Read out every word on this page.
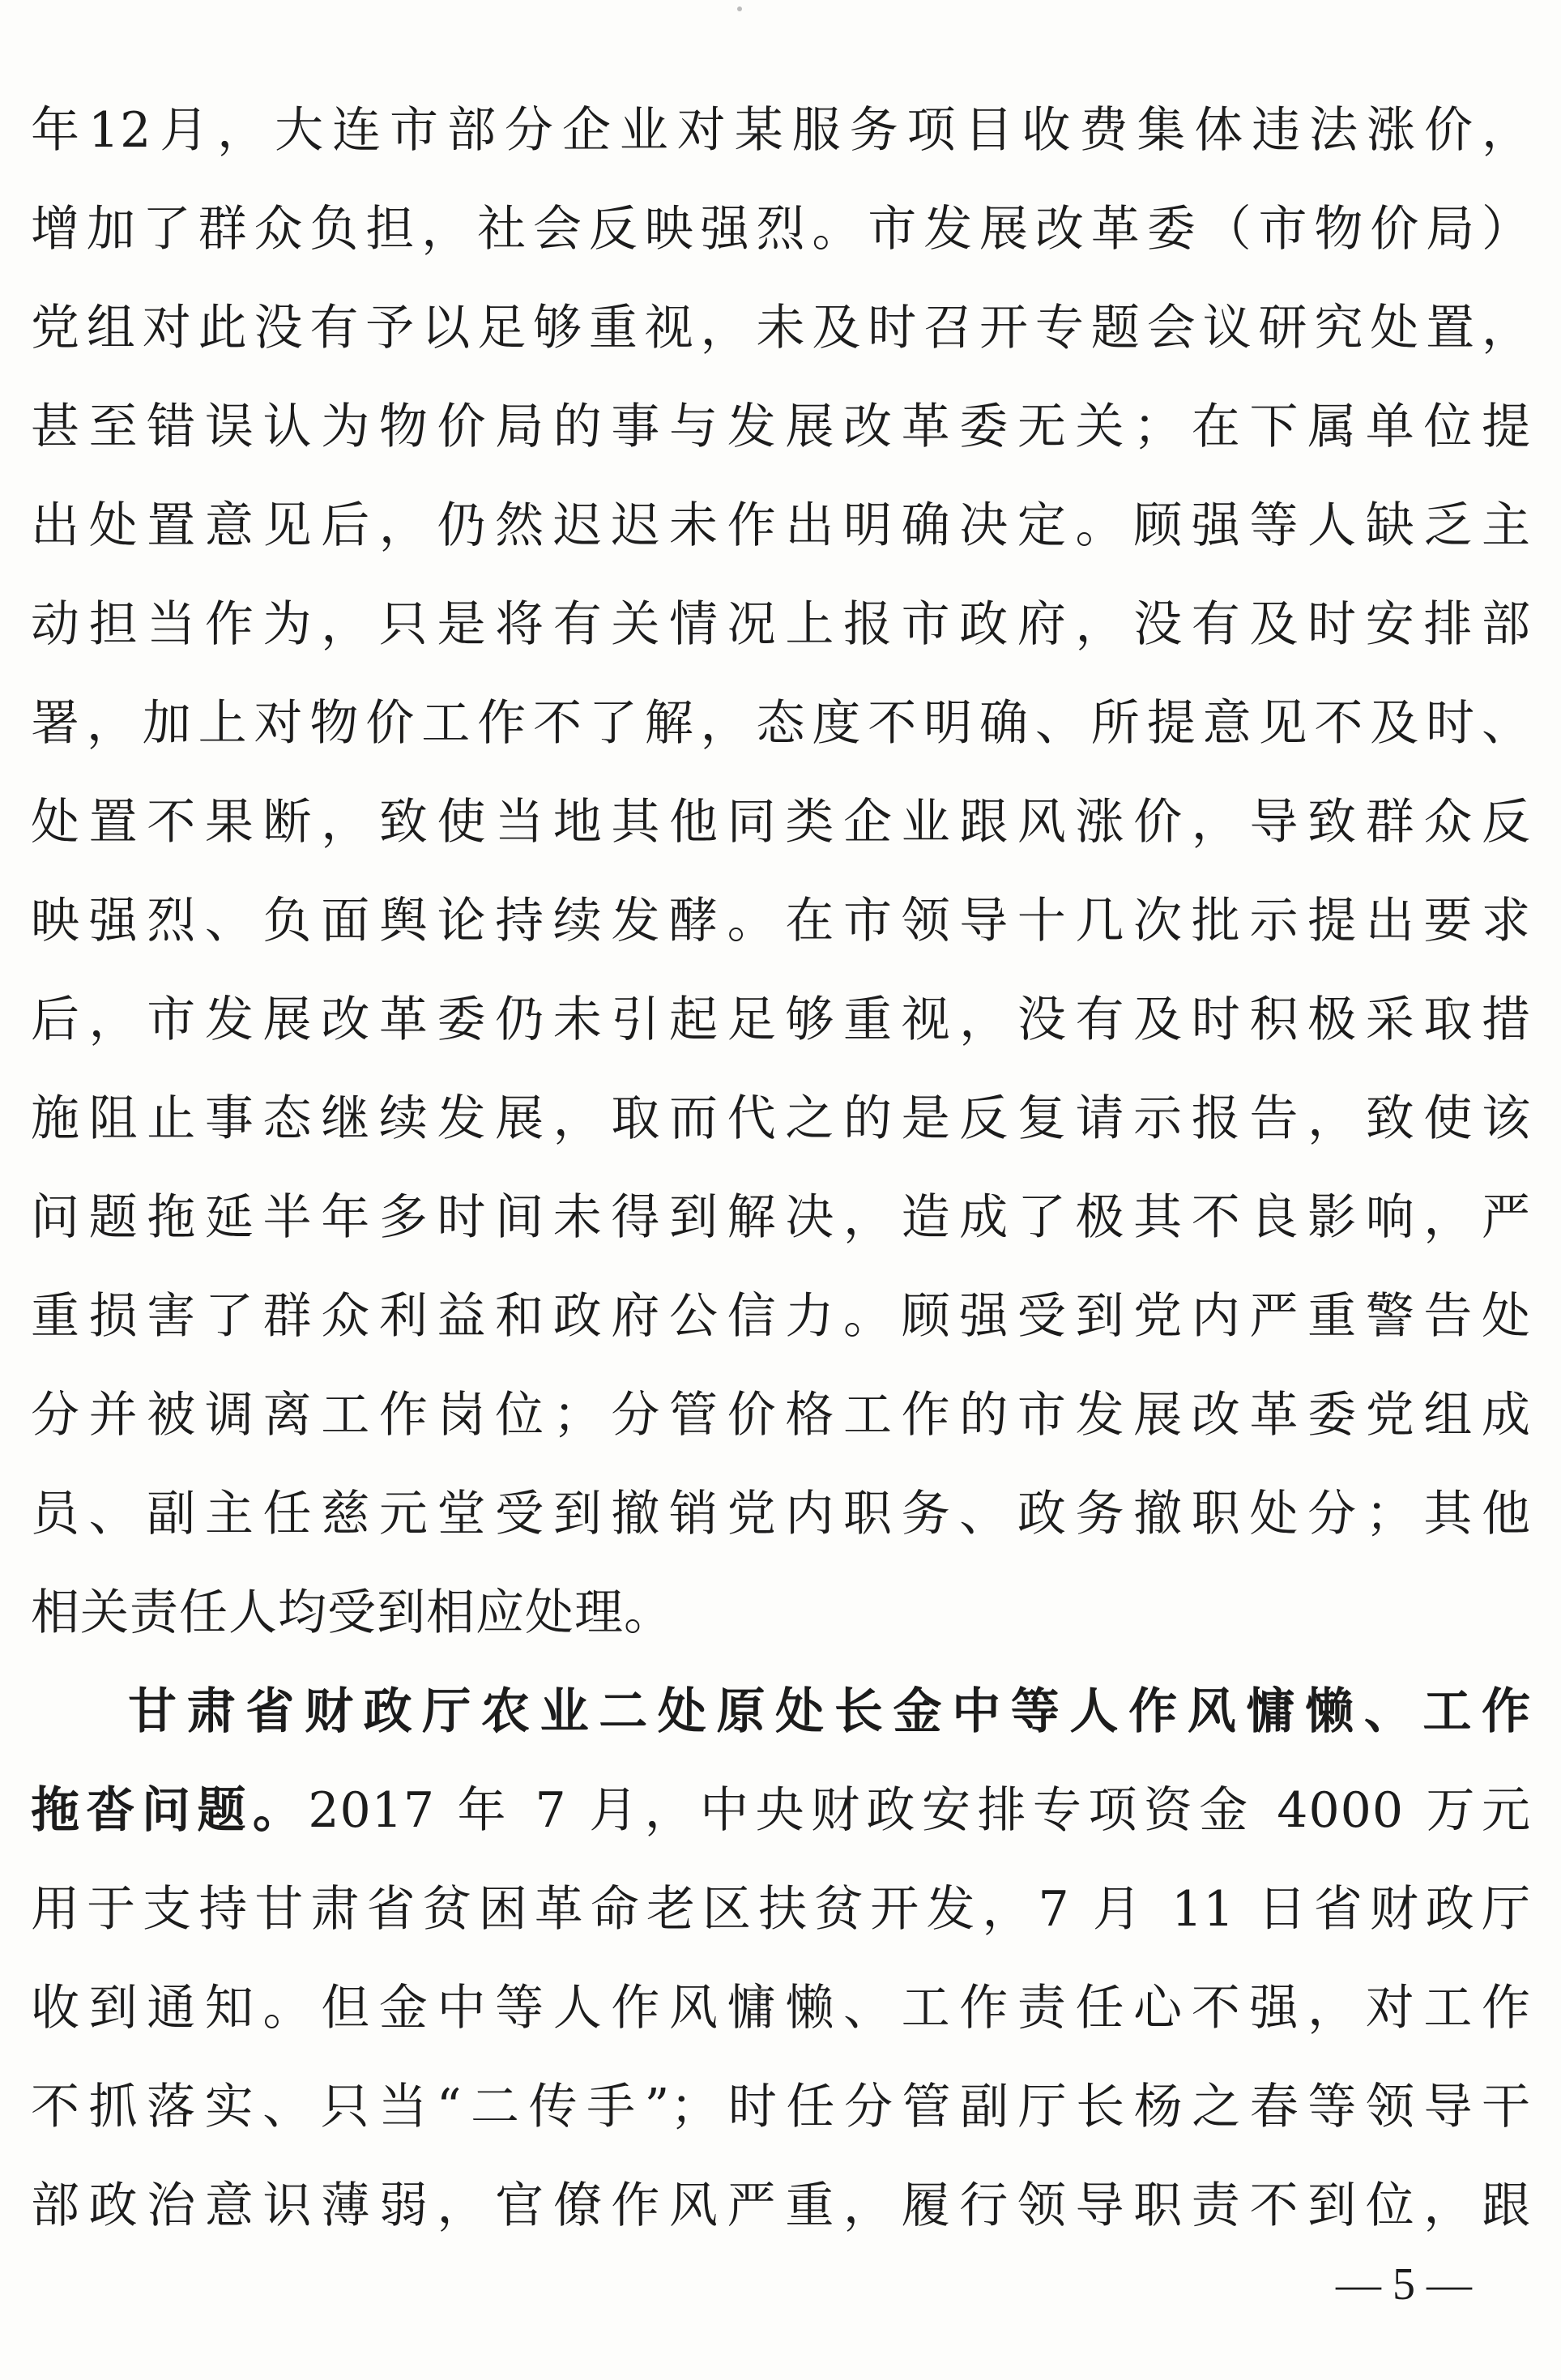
年12月，大连市部分企业对某服务项目收费集体违法涨价，
增加了群众负担，社会反映强烈。市发展改革委（市物价局）
党组对此没有予以足够重视，未及时召开专题会议研究处置，
甚至错误认为物价局的事与发展改革委无关；在下属单位提
出处置意见后，仍然迟迟未作出明确决定。顾强等人缺乏主
动担当作为，只是将有关情况上报市政府，没有及时安排部
署，加上对物价工作不了解，态度不明确、所提意见不及时、
处置不果断，致使当地其他同类企业跟风涨价，导致群众反
映强烈、负面舆论持续发酵。在市领导十几次批示提出要求
后，市发展改革委仍未引起足够重视，没有及时积极采取措
施阻止事态继续发展，取而代之的是反复请示报告，致使该
问题拖延半年多时间未得到解决，造成了极其不良影响，严
重损害了群众利益和政府公信力。顾强受到党内严重警告处
分并被调离工作岗位；分管价格工作的市发展改革委党组成
员、副主任慈元堂受到撤销党内职务、政务撤职处分；其他
相关责任人均受到相应处理。
甘肃省财政厅农业二处原处长金中等人作风慵懒、工作
拖沓问题。2017 年 7 月，中央财政安排专项资金 4000 万元
用于支持甘肃省贫困革命老区扶贫开发，7 月 11 日省财政厅
收到通知。但金中等人作风慵懒、工作责任心不强，对工作
不抓落实、只当“二传手”；时任分管副厅长杨之春等领导干
部政治意识薄弱，官僚作风严重，履行领导职责不到位，跟
— 5 —
